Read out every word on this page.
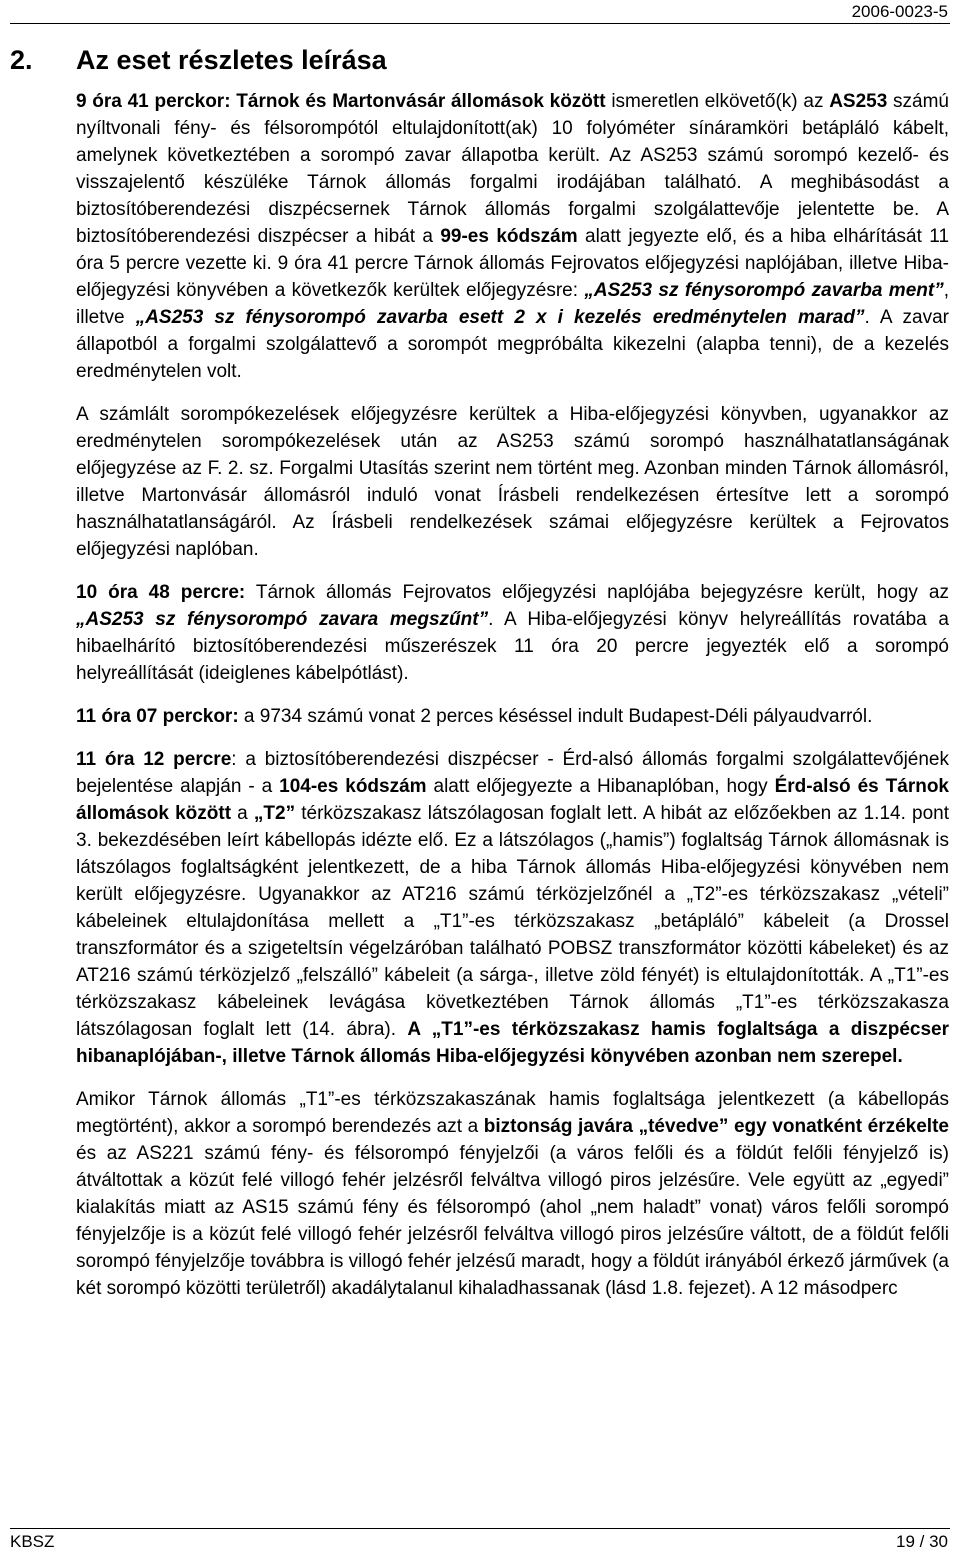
2006-0023-5
2. Az eset részletes leírása

9 óra 41 perckor: Tárnok és Martonvásár állomások között ismeretlen elkövető(k) az AS253 számú nyíltvonali fény- és félsorompótól eltulajdonított(ak) 10 folyóméter sínáramköri betápláló kábelt, amelynek következtében a sorompó zavar állapotba került. Az AS253 számú sorompó kezelő- és visszajelentő készüléke Tárnok állomás forgalmi irodájában található. A meghibásodást a biztosítóberendezési diszpécsernek Tárnok állomás forgalmi szolgálattevője jelentette be. A biztosítóberendezési diszpécser a hibát a 99-es kódszám alatt jegyezte elő, és a hiba elhárítását 11 óra 5 percre vezette ki. 9 óra 41 percre Tárnok állomás Fejrovatos előjegyzési naplójában, illetve Hiba-előjegyzési könyvében a következők kerültek előjegyzésre: „AS253 sz fénysorompó zavarba ment”, illetve „AS253 sz fénysorompó zavarba esett 2 x i kezelés eredménytelen marad”. A zavar állapotból a forgalmi szolgálattevő a sorompót megpróbálta kikezelni (alapba tenni), de a kezelés eredménytelen volt.

A számlált sorompókezelések előjegyzésre kerültek a Hiba-előjegyzési könyvben, ugyanakkor az eredménytelen sorompókezelések után az AS253 számú sorompó használhatatlanságának előjegyzése az F. 2. sz. Forgalmi Utasítás szerint nem történt meg. Azonban minden Tárnok állomásról, illetve Martonvásár állomásról induló vonat Írásbeli rendelkezésen értesítve lett a sorompó használhatatlanságáról. Az Írásbeli rendelkezések számai előjegyzésre kerültek a Fejrovatos előjegyzési naplóban.

10 óra 48 percre: Tárnok állomás Fejrovatos előjegyzési naplójába bejegyzésre került, hogy az „AS253 sz fénysorompó zavara megszűnt”. A Hiba-előjegyzési könyv helyreállítás rovatába a hibaelhárító biztosítóberendezési műszerészek 11 óra 20 percre jegyezték elő a sorompó helyreállítását (ideiglenes kábelpótlást).

11 óra 07 perckor: a 9734 számú vonat 2 perces késéssel indult Budapest-Déli pályaudvarról.

11 óra 12 percre: a biztosítóberendezési diszpécser - Érd-alsó állomás forgalmi szolgálattevőjének bejelentése alapján - a 104-es kódszám alatt előjegyezte a Hibanaplóban, hogy Érd-alsó és Tárnok állomások között a „T2” térközszakasz látszólagosan foglalt lett. A hibát az előzőekben az 1.14. pont 3. bekezdésében leírt kábellopás idézte elő. Ez a látszólagos („hamis”) foglaltság Tárnok állomásnak is látszólagos foglaltságként jelentkezett, de a hiba Tárnok állomás Hiba-előjegyzési könyvében nem került előjegyzésre. Ugyanakkor az AT216 számú térközjelzőnél a „T2”-es térközszakasz „vételi” kábeleinek eltulajdonítása mellett a „T1”-es térközszakasz „betápláló” kábeleit (a Drossel transzformátor és a szigeteltsín végelzáróban található POBSZ transzformátor közötti kábeleket) és az AT216 számú térközjelző „felszálló” kábeleit (a sárga-, illetve zöld fényét) is eltulajdonították. A „T1”-es térközszakasz kábeleinek levágása következtében Tárnok állomás „T1”-es térközszakasza látszólagosan foglalt lett (14. ábra). A „T1”-es térközszakasz hamis foglaltsága a diszpécser hibanaplójában-, illetve Tárnok állomás Hiba-előjegyzési könyvében azonban nem szerepel.

Amikor Tárnok állomás „T1”-es térközszakaszának hamis foglaltsága jelentkezett (a kábellopás megtörtént), akkor a sorompó berendezés azt a biztonság javára „tévedve” egy vonatként érzékelte és az AS221 számú fény- és félsorompó fényjelzői (a város felőli és a földút felőli fényjelző is) átváltottak a közút felé villogó fehér jelzésről felváltva villogó piros jelzésűre. Vele együtt az „egyedi” kialakítás miatt az AS15 számú fény és félsorompó (ahol „nem haladt” vonat) város felőli sorompó fényjelzője is a közút felé villogó fehér jelzésről felváltva villogó piros jelzésűre váltott, de a földút felőli sorompó fényjelzője továbbra is villogó fehér jelzésű maradt, hogy a földút irányából érkező járművek (a két sorompó közötti területről) akadálytalanul kihaladhassanak (lásd 1.8. fejezet). A 12 másodperc

KBSZ	19 / 30
